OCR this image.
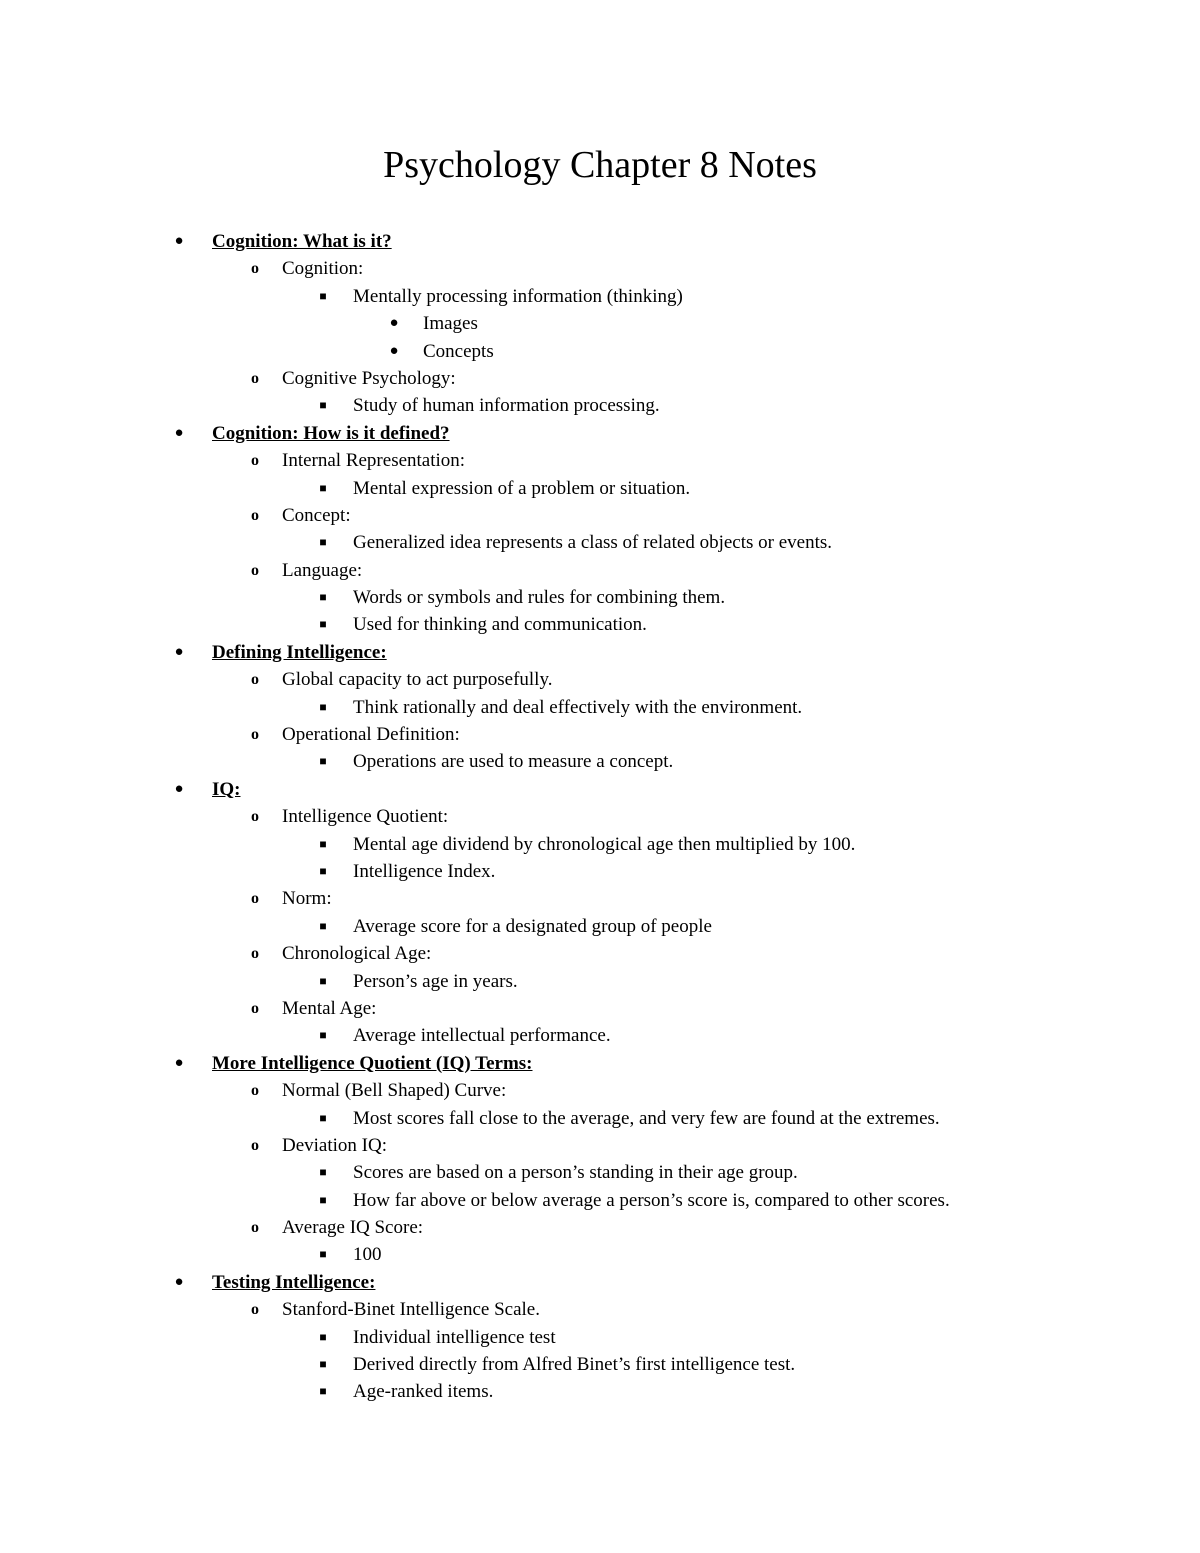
Psychology Chapter 8 Notes
●	Cognition: What is it?
o	Cognition:
■	Mentally processing information (thinking)
●	Images
●	Concepts
o	Cognitive Psychology:
■	Study of human information processing.
●	Cognition: How is it defined?
o	Internal Representation:
■	Mental expression of a problem or situation.
o	Concept:
■	Generalized idea represents a class of related objects or events.
o	Language:
■	Words or symbols and rules for combining them.
■	Used for thinking and communication.
●	Defining Intelligence:
o	Global capacity to act purposefully.
■	Think rationally and deal effectively with the environment.
o	Operational Definition:
■	Operations are used to measure a concept.
●	IQ:
o	Intelligence Quotient:
■	Mental age dividend by chronological age then multiplied by 100.
■	Intelligence Index.
o	Norm:
■	Average score for a designated group of people
o	Chronological Age:
■	Person’s age in years.
o	Mental Age:
■	Average intellectual performance.
●	More Intelligence Quotient (IQ) Terms:
o	Normal (Bell Shaped) Curve:
■	Most scores fall close to the average, and very few are found at the extremes.
o	Deviation IQ:
■	Scores are based on a person’s standing in their age group.
■	How far above or below average a person’s score is, compared to other scores.
o	Average IQ Score:
■	100
●	Testing Intelligence:
o	Stanford-Binet Intelligence Scale.
■	Individual intelligence test
■	Derived directly from Alfred Binet’s first intelligence test.
■	Age-ranked items.
